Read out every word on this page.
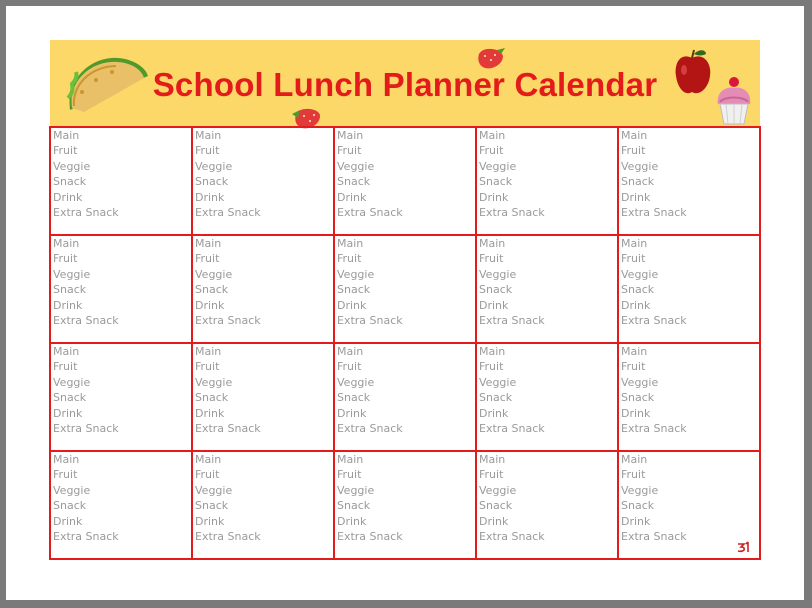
School Lunch Planner Calendar
Main
Fruit
Veggie
Snack
Drink
Extra Snack
Main
Fruit
Veggie
Snack
Drink
Extra Snack
Main
Fruit
Veggie
Snack
Drink
Extra Snack
Main
Fruit
Veggie
Snack
Drink
Extra Snack
Main
Fruit
Veggie
Snack
Drink
Extra Snack
Main
Fruit
Veggie
Snack
Drink
Extra Snack
Main
Fruit
Veggie
Snack
Drink
Extra Snack
Main
Fruit
Veggie
Snack
Drink
Extra Snack
Main
Fruit
Veggie
Snack
Drink
Extra Snack
Main
Fruit
Veggie
Snack
Drink
Extra Snack
Main
Fruit
Veggie
Snack
Drink
Extra Snack
Main
Fruit
Veggie
Snack
Drink
Extra Snack
Main
Fruit
Veggie
Snack
Drink
Extra Snack
Main
Fruit
Veggie
Snack
Drink
Extra Snack
Main
Fruit
Veggie
Snack
Drink
Extra Snack
Main
Fruit
Veggie
Snack
Drink
Extra Snack
Main
Fruit
Veggie
Snack
Drink
Extra Snack
Main
Fruit
Veggie
Snack
Drink
Extra Snack
Main
Fruit
Veggie
Snack
Drink
Extra Snack
Main
Fruit
Veggie
Snack
Drink
Extra Snack
